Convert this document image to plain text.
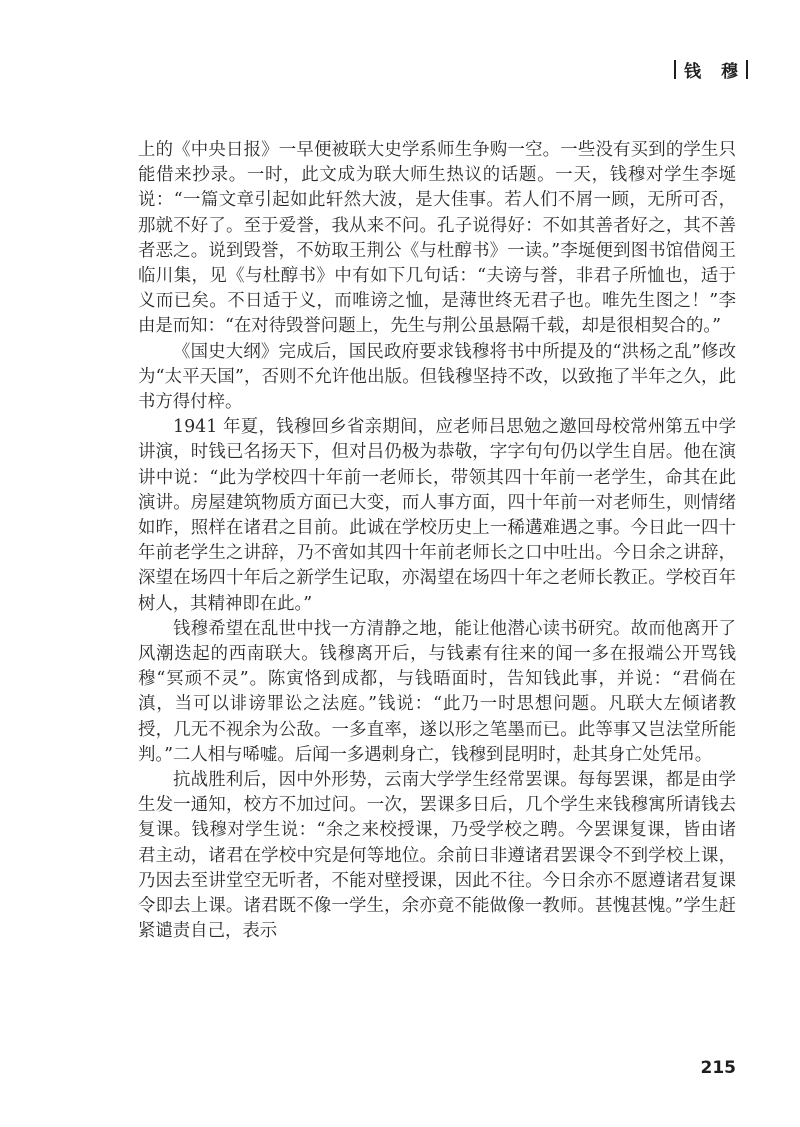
钱 穆

上的《中央日报》一早便被联大史学系师生争购一空。一些没有买到的学生只能借来抄录。一时，此文成为联大师生热议的话题。一天，钱穆对学生李埏说：“一篇文章引起如此轩然大波，是大佳事。若人们不屑一顾，无所可否，那就不好了。至于爱誉，我从来不问。孔子说得好：不如其善者好之，其不善者恶之。说到毁誉，不妨取王荆公《与杜醇书》一读。”李埏便到图书馆借阅王临川集，见《与杜醇书》中有如下几句话：“夫谤与誉，非君子所恤也，适于义而已矣。不日适于义，而唯谤之恤，是薄世终无君子也。唯先生图之！”李由是而知：“在对待毁誉问题上，先生与荆公虽悬隔千载，却是很相契合的。”

《国史大纲》完成后，国民政府要求钱穆将书中所提及的“洪杨之乱”修改为“太平天国”，否则不允许他出版。但钱穆坚持不改，以致拖了半年之久，此书方得付梓。

1941 年夏，钱穆回乡省亲期间，应老师吕思勉之邀回母校常州第五中学讲演，时钱已名扬天下，但对吕仍极为恭敬，字字句句仍以学生自居。他在演讲中说：“此为学校四十年前一老师长，带领其四十年前一老学生，命其在此演讲。房屋建筑物质方面已大变，而人事方面，四十年前一对老师生，则情绪如昨，照样在诸君之目前。此诚在学校历史上一稀遘难遇之事。今日此一四十年前老学生之讲辞，乃不啻如其四十年前老师长之口中吐出。今日余之讲辞，深望在场四十年后之新学生记取，亦渴望在场四十年之老师长教正。学校百年树人，其精神即在此。”

钱穆希望在乱世中找一方清静之地，能让他潜心读书研究。故而他离开了风潮迭起的西南联大。钱穆离开后，与钱素有往来的闻一多在报端公开骂钱穆“冥顽不灵”。陈寅恪到成都，与钱晤面时，告知钱此事，并说：“君倘在滇，当可以诽谤罪讼之法庭。”钱说：“此乃一时思想问题。凡联大左倾诸教授，几无不视余为公敌。一多直率，遂以形之笔墨而已。此等事又岂法堂所能判。”二人相与唏嘘。后闻一多遇刺身亡，钱穆到昆明时，赴其身亡处凭吊。

抗战胜利后，因中外形势，云南大学学生经常罢课。每每罢课，都是由学生发一通知，校方不加过问。一次，罢课多日后，几个学生来钱穆寓所请钱去复课。钱穆对学生说：“余之来校授课，乃受学校之聘。今罢课复课，皆由诸君主动，诸君在学校中究是何等地位。余前日非遵诸君罢课令不到学校上课，乃因去至讲堂空无听者，不能对壁授课，因此不往。今日余亦不愿遵诸君复课令即去上课。诸君既不像一学生，余亦竟不能做像一教师。甚愧甚愧。”学生赶紧谴责自己，表示

215
